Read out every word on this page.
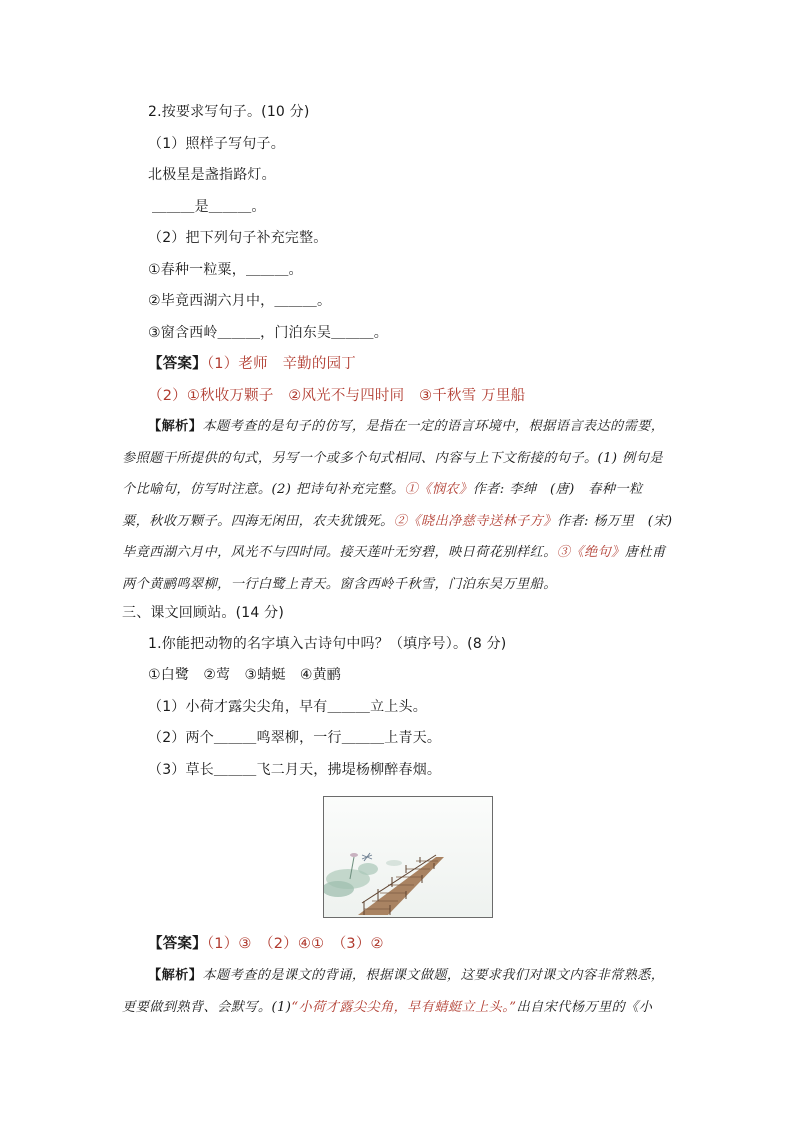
2.按要求写句子。(10 分)
（1）照样子写句子。
北极星是盏指路灯。
＿＿＿是＿＿＿。
（2）把下列句子补充完整。
①春种一粒粟，＿＿＿。
②毕竟西湖六月中，＿＿＿。
③窗含西岭＿＿＿，门泊东吴＿＿＿。
【答案】（1）老师　辛勤的园丁
（2）①秋收万颗子　 ②风光不与四时同　 ③千秋雪 万里船
【解析】本题考查的是句子的仿写，是指在一定的语言环境中，根据语言表达的需要，
参照题干所提供的句式，另写一个或多个句式相同、内容与上下文衔接的句子。(1) 例句是
个比喻句，仿写时注意。(2) 把诗句补充完整。①《悯农》作者: 李绅　(唐)　春种一粒
粟，秋收万颗子。四海无闲田，农夫犹饿死。②《晓出净慈寺送林子方》作者: 杨万里　(宋)
毕竟西湖六月中，风光不与四时同。接天莲叶无穷碧，映日荷花别样红。③《绝句》唐杜甫
两个黄鹂鸣翠柳，一行白鹭上青天。窗含西岭千秋雪，门泊东吴万里船。
三、课文回顾站。(14 分)
1.你能把动物的名字填入古诗句中吗？（填序号）。(8 分)
①白鹭　②莺　③蜻蜓　④黄鹂
（1）小荷才露尖尖角，早有＿＿＿立上头。
（2）两个＿＿＿鸣翠柳，一行＿＿＿上青天。
（3）草长＿＿＿飞二月天，拂堤杨柳醉春烟。
【答案】（1）③　（2）④①　（3）②
【解析】本题考查的是课文的背诵，根据课文做题，这要求我们对课文内容非常熟悉，
更要做到熟背、会默写。(1)“小荷才露尖尖角，早有蜻蜓立上头。”出自宋代杨万里的《小
